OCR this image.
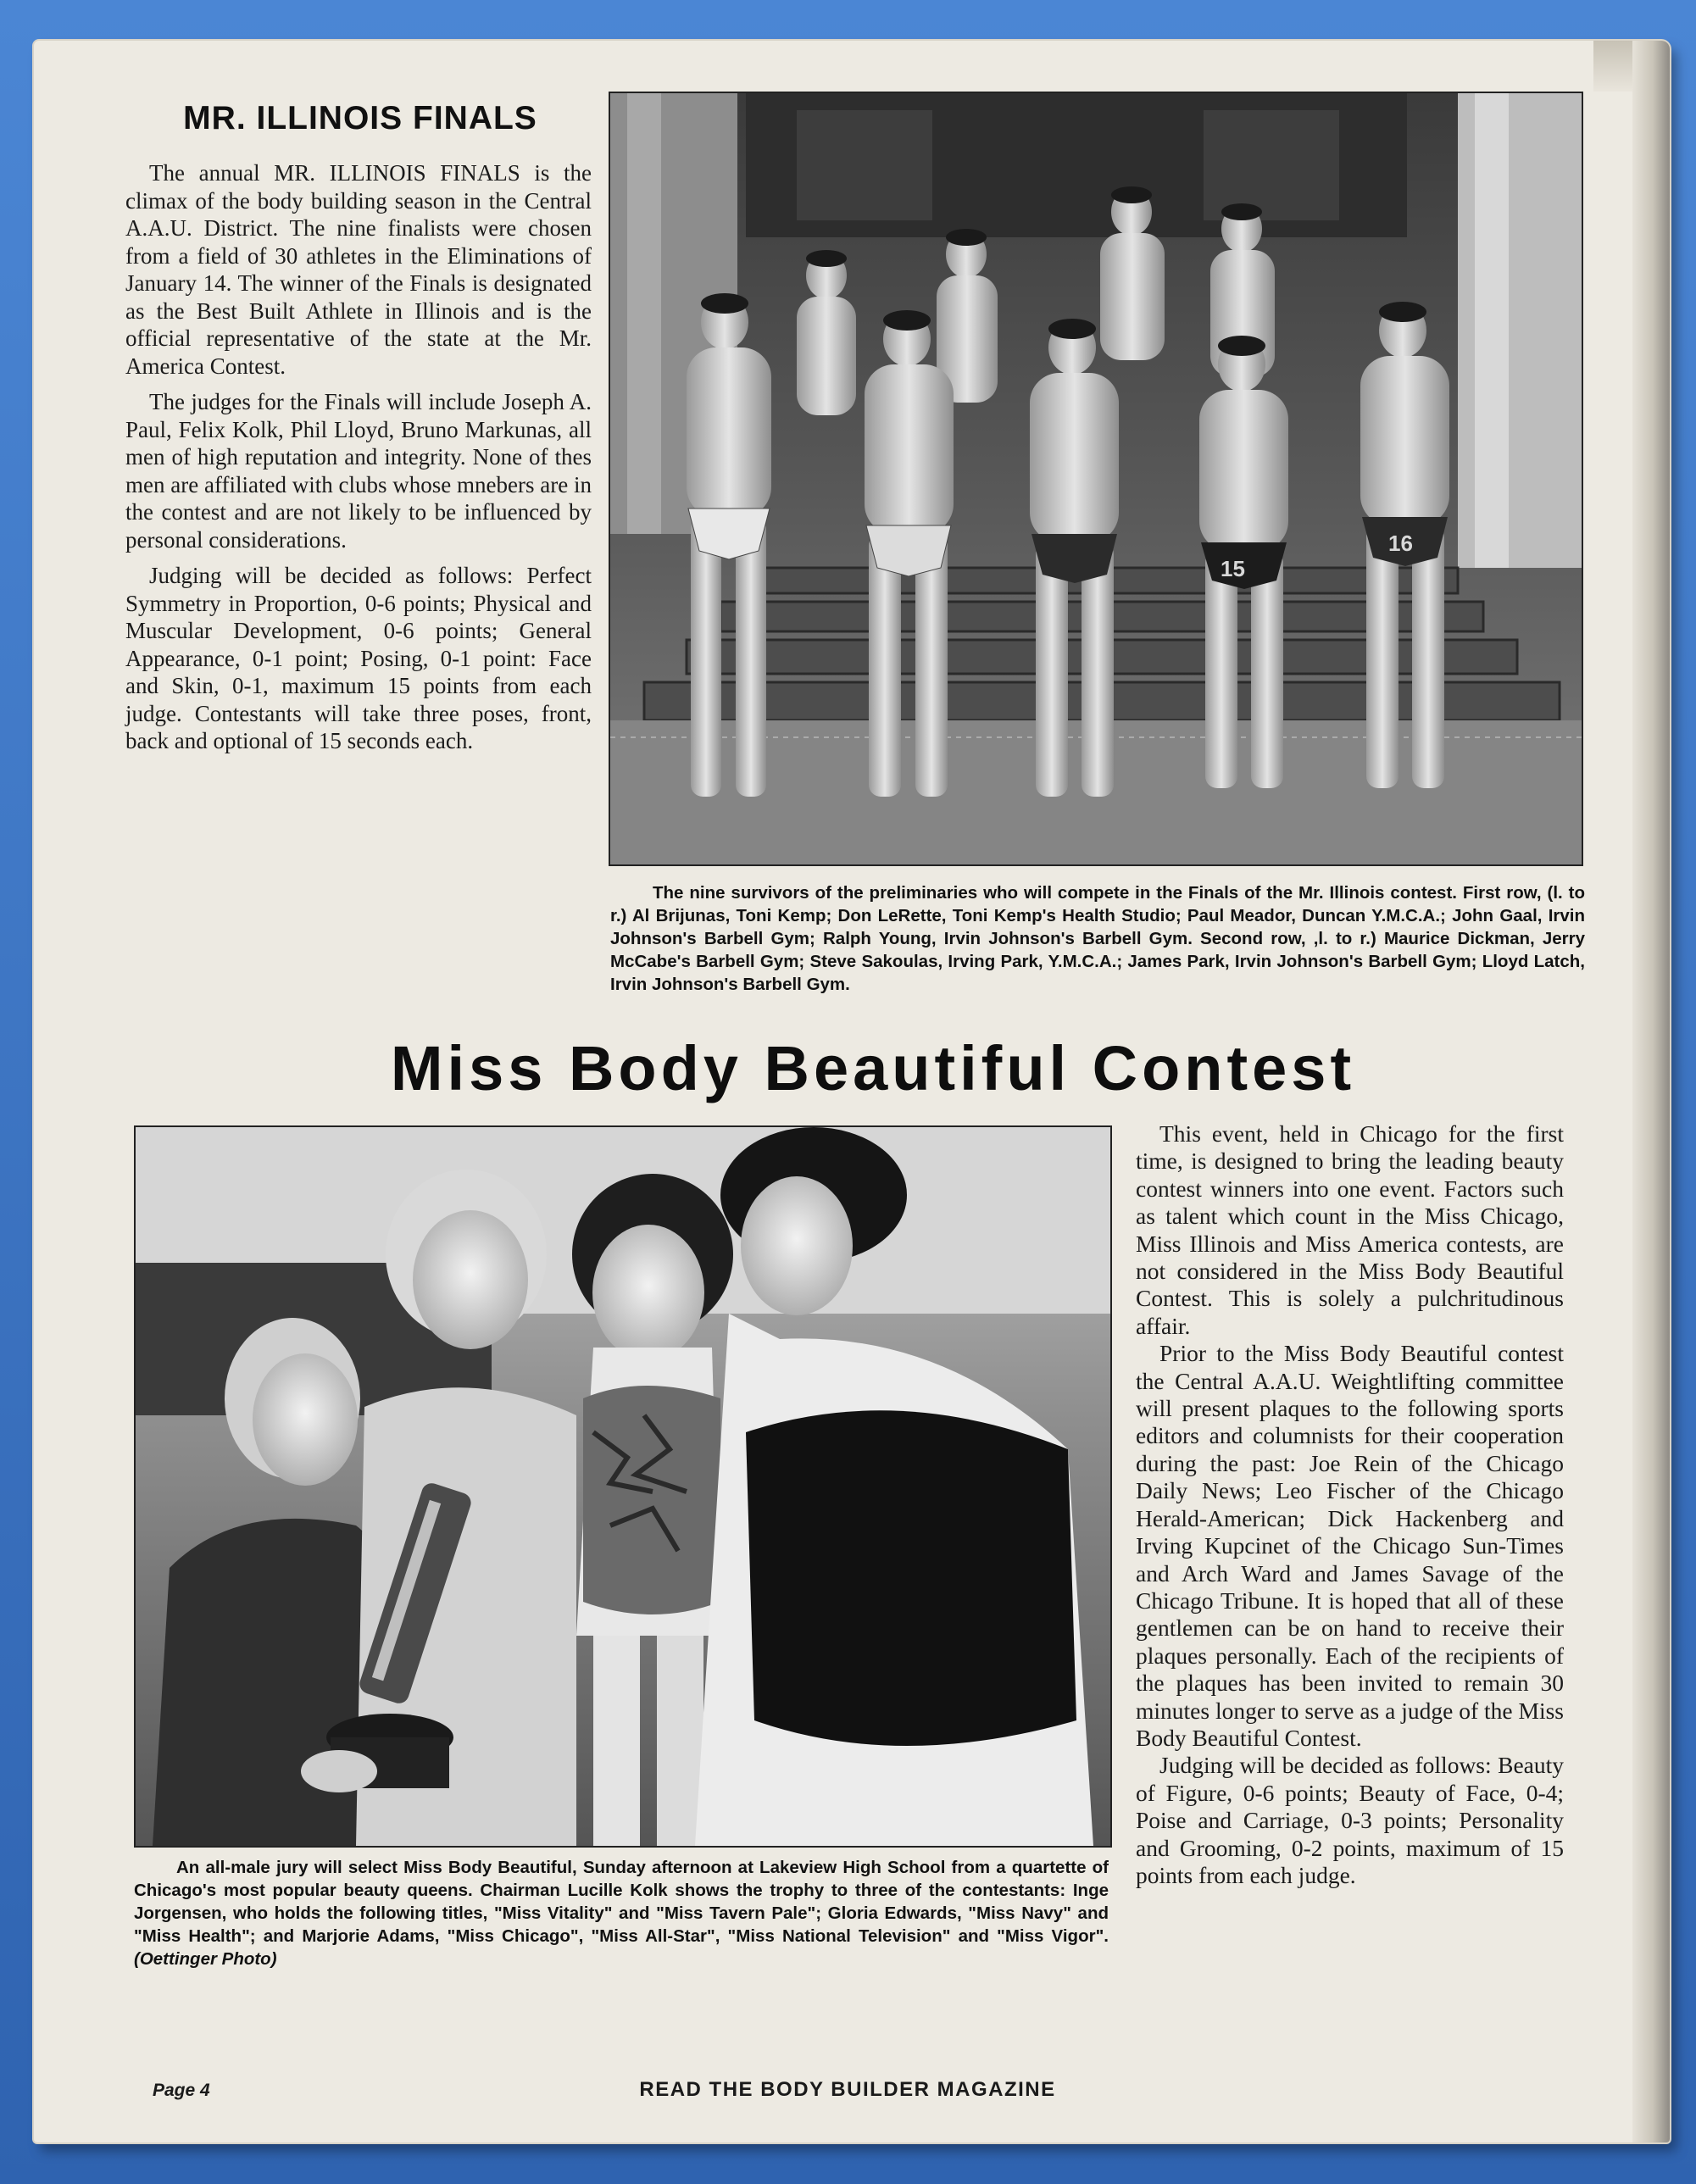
MR. ILLINOIS FINALS

The annual MR. ILLINOIS FINALS is the climax of the body building season in the Central A.A.U. District. The nine finalists were chosen from a field of 30 athletes in the Eliminations of January 14. The winner of the Finals is designated as the Best Built Athlete in Illinois and is the official representative of the state at the Mr. America Contest.

The judges for the Finals will include Joseph A. Paul, Felix Kolk, Phil Lloyd, Bruno Markunas, all men of high reputation and integrity. None of thes men are affiliated with clubs whose mnebers are in the contest and are not likely to be influenced by personal considerations.

Judging will be decided as follows: Perfect Symmetry in Proportion, 0-6 points; Physical and Muscular Development, 0-6 points; General Appearance, 0-1 point; Posing, 0-1 point: Face and Skin, 0-1, maximum 15 points from each judge. Contestants will take three poses, front, back and optional of 15 seconds each.

15
16

The nine survivors of the preliminaries who will compete in the Finals of the Mr. Illinois contest. First row, (l. to r.) Al Brijunas, Toni Kemp; Don LeRette, Toni Kemp's Health Studio; Paul Meador, Duncan Y.M.C.A.; John Gaal, Irvin Johnson's Barbell Gym; Ralph Young, Irvin Johnson's Barbell Gym. Second row, ,l. to r.) Maurice Dickman, Jerry McCabe's Barbell Gym; Steve Sakoulas, Irving Park, Y.M.C.A.; James Park, Irvin Johnson's Barbell Gym; Lloyd Latch, Irvin Johnson's Barbell Gym.

Miss Body Beautiful Contest

An all-male jury will select Miss Body Beautiful, Sunday afternoon at Lakeview High School from a quartette of Chicago's most popular beauty queens. Chairman Lucille Kolk shows the trophy to three of the contestants: Inge Jorgensen, who holds the following titles, "Miss Vitality" and "Miss Tavern Pale"; Gloria Edwards, "Miss Navy" and "Miss Health"; and Marjorie Adams, "Miss Chicago", "Miss All-Star", "Miss National Television" and "Miss Vigor". (Oettinger Photo)

This event, held in Chicago for the first time, is designed to bring the leading beauty contest winners into one event. Factors such as talent which count in the Miss Chicago, Miss Illinois and Miss America contests, are not considered in the Miss Body Beautiful Contest. This is solely a pulchritudinous affair.

Prior to the Miss Body Beautiful contest the Central A.A.U. Weightlifting committee will present plaques to the following sports editors and columnists for their cooperation during the past: Joe Rein of the Chicago Daily News; Leo Fischer of the Chicago Herald-American; Dick Hackenberg and Irving Kupcinet of the Chicago Sun-Times and Arch Ward and James Savage of the Chicago Tribune. It is hoped that all of these gentlemen can be on hand to receive their plaques personally. Each of the recipients of the plaques has been invited to remain 30 minutes longer to serve as a judge of the Miss Body Beautiful Contest.

Judging will be decided as follows: Beauty of Figure, 0-6 points; Beauty of Face, 0-4; Poise and Carriage, 0-3 points; Personality and Grooming, 0-2 points, maximum of 15 points from each judge.

Page 4	READ THE BODY BUILDER MAGAZINE
